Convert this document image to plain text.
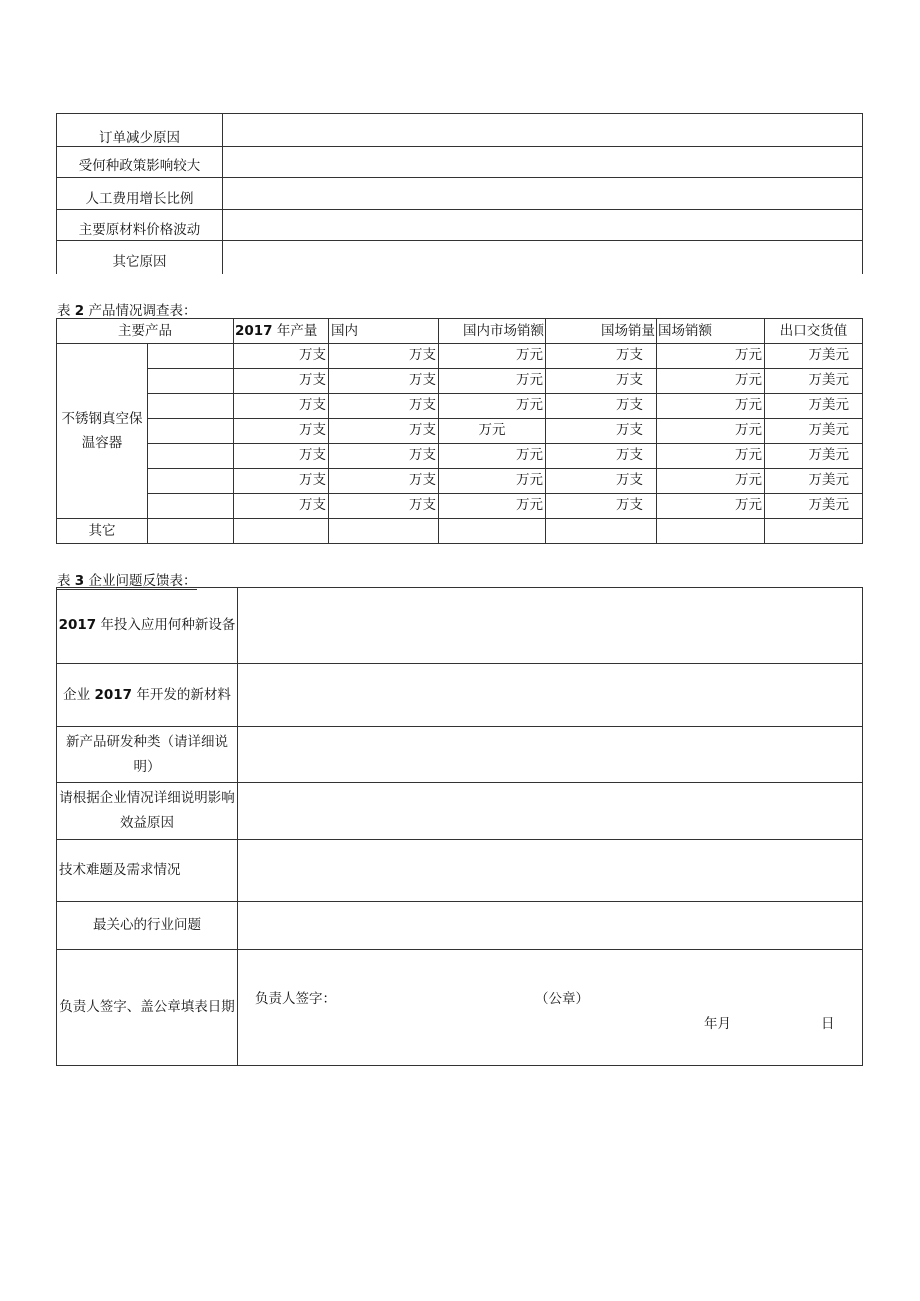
订单减少原因	
受何种政策影响较大	
人工费用增长比例	
主要原材料价格波动	
其它原因	
表 2 产品情况调查表：
主要产品		2017 年产量	国内	国内市场销额	国场销量	国场销额	出口交货值
不锈钢真空保温容器		万支	万支	万元	万支	万元	万美元
		万支	万支	万元	万支	万元	万美元
		万支	万支	万元	万支	万元	万美元
		万支	万支	万元	万支	万元	万美元
		万支	万支	万元	万支	万元	万美元
		万支	万支	万元	万支	万元	万美元
		万支	万支	万元	万支	万元	万美元
其它							
表 3 企业问题反馈表：
2017 年投入应用何种新设备	
企业 2017 年开发的新材料	
新产品研发种类（请详细说明）	
请根据企业情况详细说明影响效益原因	
技术难题及需求情况	
最关心的行业问题	
负责人签字、盖公章填表日期	负责人签字：	（公章）
年月	日
